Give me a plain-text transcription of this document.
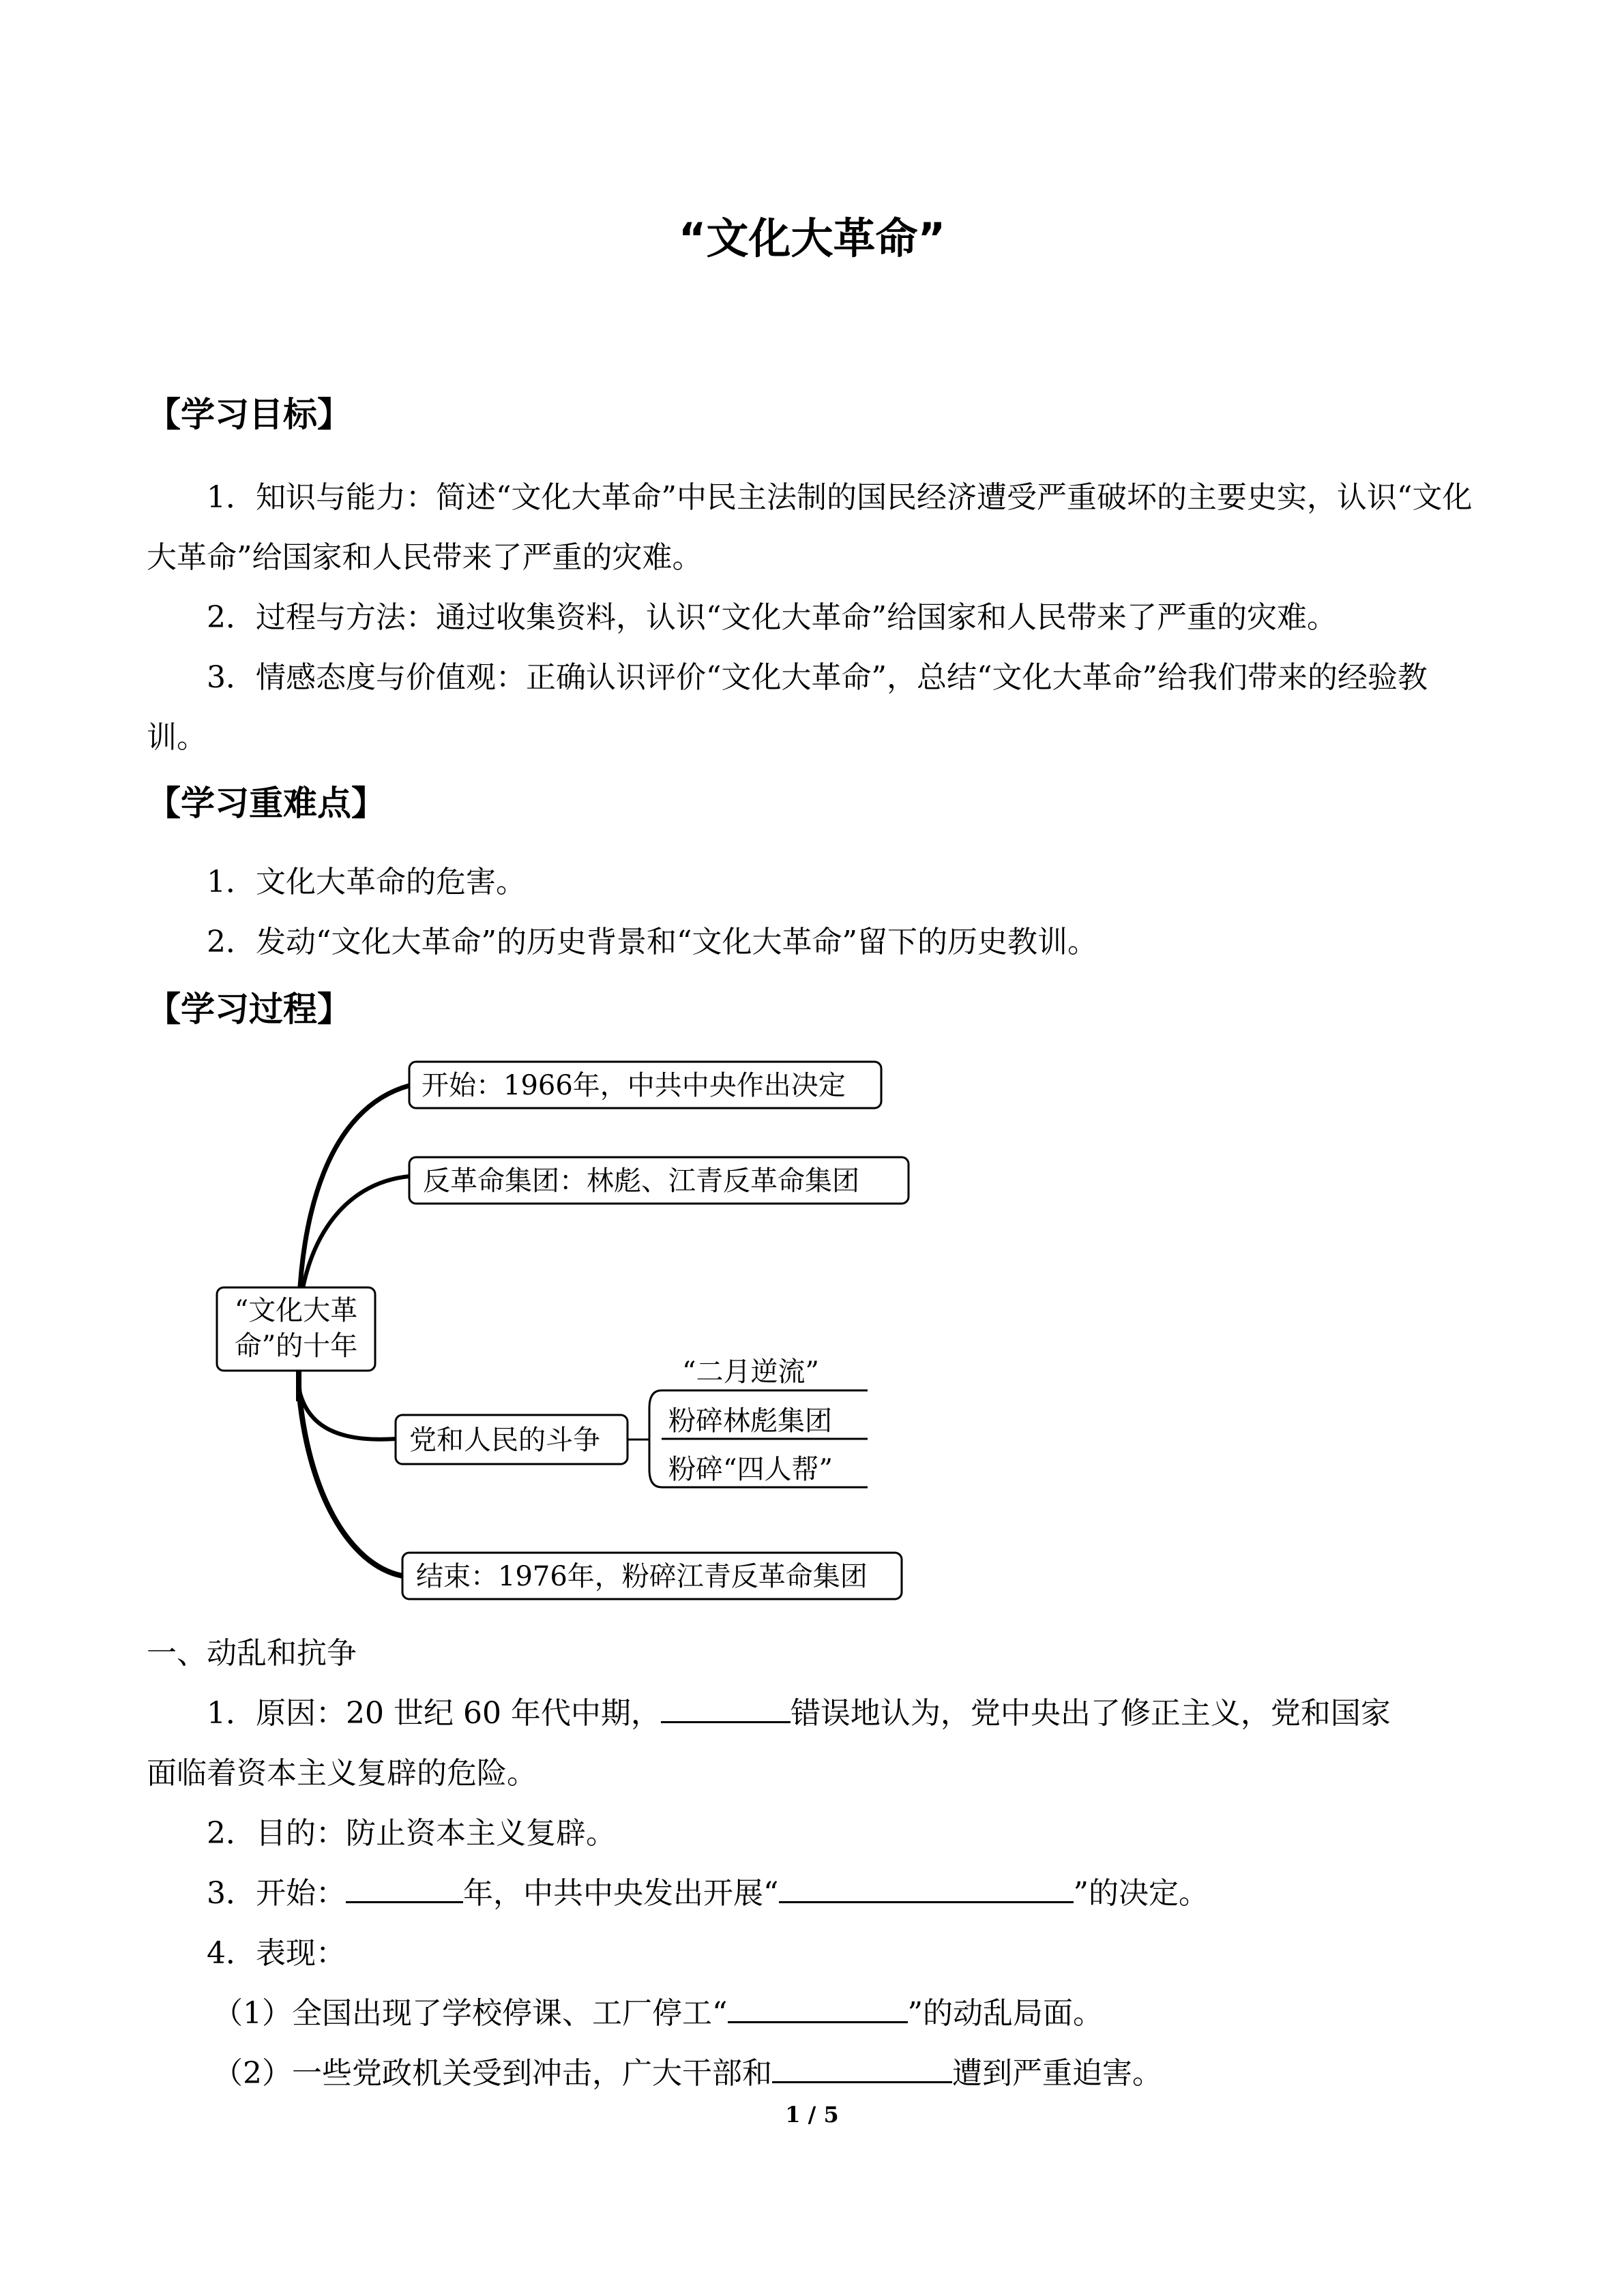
“文化大革命”
【学习目标】
1．知识与能力：简述“文化大革命”中民主法制的国民经济遭受严重破坏的主要史实，认识“文化大革命”给国家和人民带来了严重的灾难。
2．过程与方法：通过收集资料，认识“文化大革命”给国家和人民带来了严重的灾难。
3．情感态度与价值观：正确认识评价“文化大革命”，总结“文化大革命”给我们带来的经验教训。
【学习重难点】
1．文化大革命的危害。
2．发动“文化大革命”的历史背景和“文化大革命”留下的历史教训。
【学习过程】
“文化大革
命”的十年
开始：1966年，中共中央作出决定
反革命集团：林彪、江青反革命集团
党和人民的斗争
“二月逆流”
粉碎林彪集团
粉碎“四人帮”
结束：1976年，粉碎江青反革命集团
一、动乱和抗争
1．原因：20 世纪 60 年代中期，	错误地认为，党中央出了修正主义，党和国家
面临着资本主义复辟的危险。
2．目的：防止资本主义复辟。
3．开始：	年，中共中央发出开展“	”的决定。
4．表现：
（1）全国出现了学校停课、工厂停工“	”的动乱局面。
（2）一些党政机关受到冲击，广大干部和	遭到严重迫害。
1 / 5
